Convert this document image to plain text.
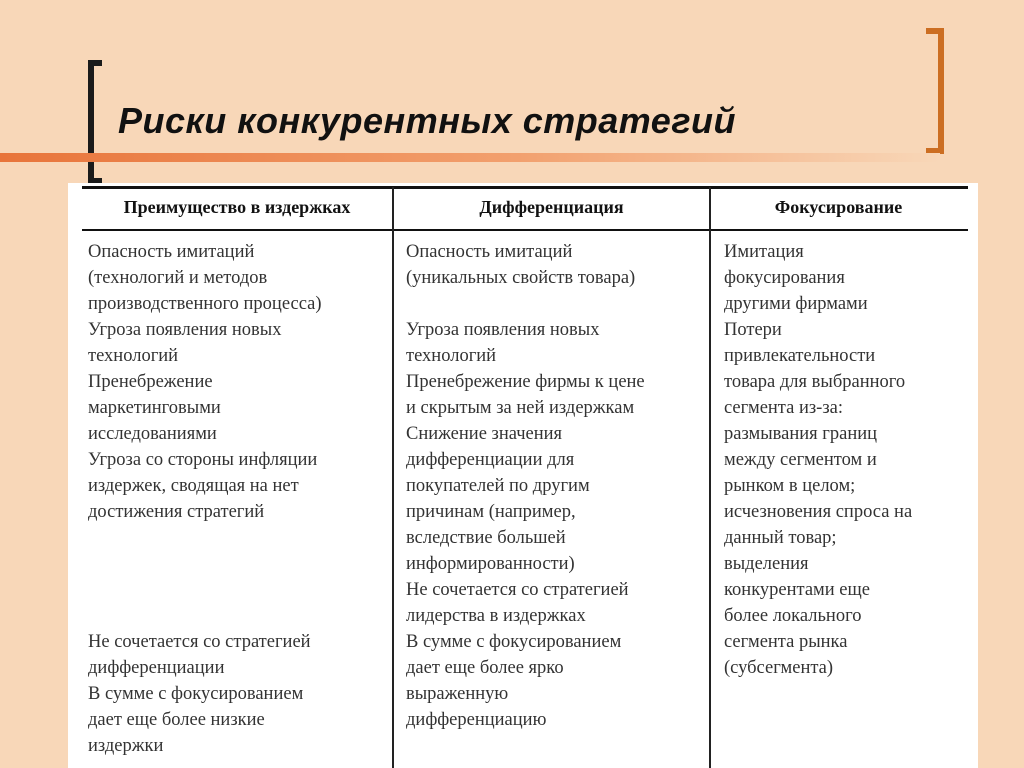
Риски конкурентных стратегий
Преимущество в издержках	Дифференциация	Фокусирование
Опасность имитаций
(технологий и методов
производственного процесса)
Угроза появления новых
технологий
Пренебрежение
маркетинговыми
исследованиями
Угроза со стороны инфляции
издержек, сводящая на нет
достижения стратегий
Не сочетается со стратегией
дифференциации
В сумме с фокусированием
дает еще более низкие
издержки
Опасность имитаций
(уникальных свойств товара)
Угроза появления новых
технологий
Пренебрежение фирмы к цене
и скрытым за ней издержкам
Снижение значения
дифференциации для
покупателей по другим
причинам (например,
вследствие большей
информированности)
Не сочетается со стратегией
лидерства в издержках
В сумме с фокусированием
дает еще более ярко
выраженную
дифференциацию
Имитация
фокусирования
другими фирмами
Потери
привлекательности
товара для выбранного
сегмента из-за:
размывания границ
между сегментом и
рынком в целом;
исчезновения спроса на
данный товар;
выделения
конкурентами еще
более локального
сегмента рынка
(субсегмента)
